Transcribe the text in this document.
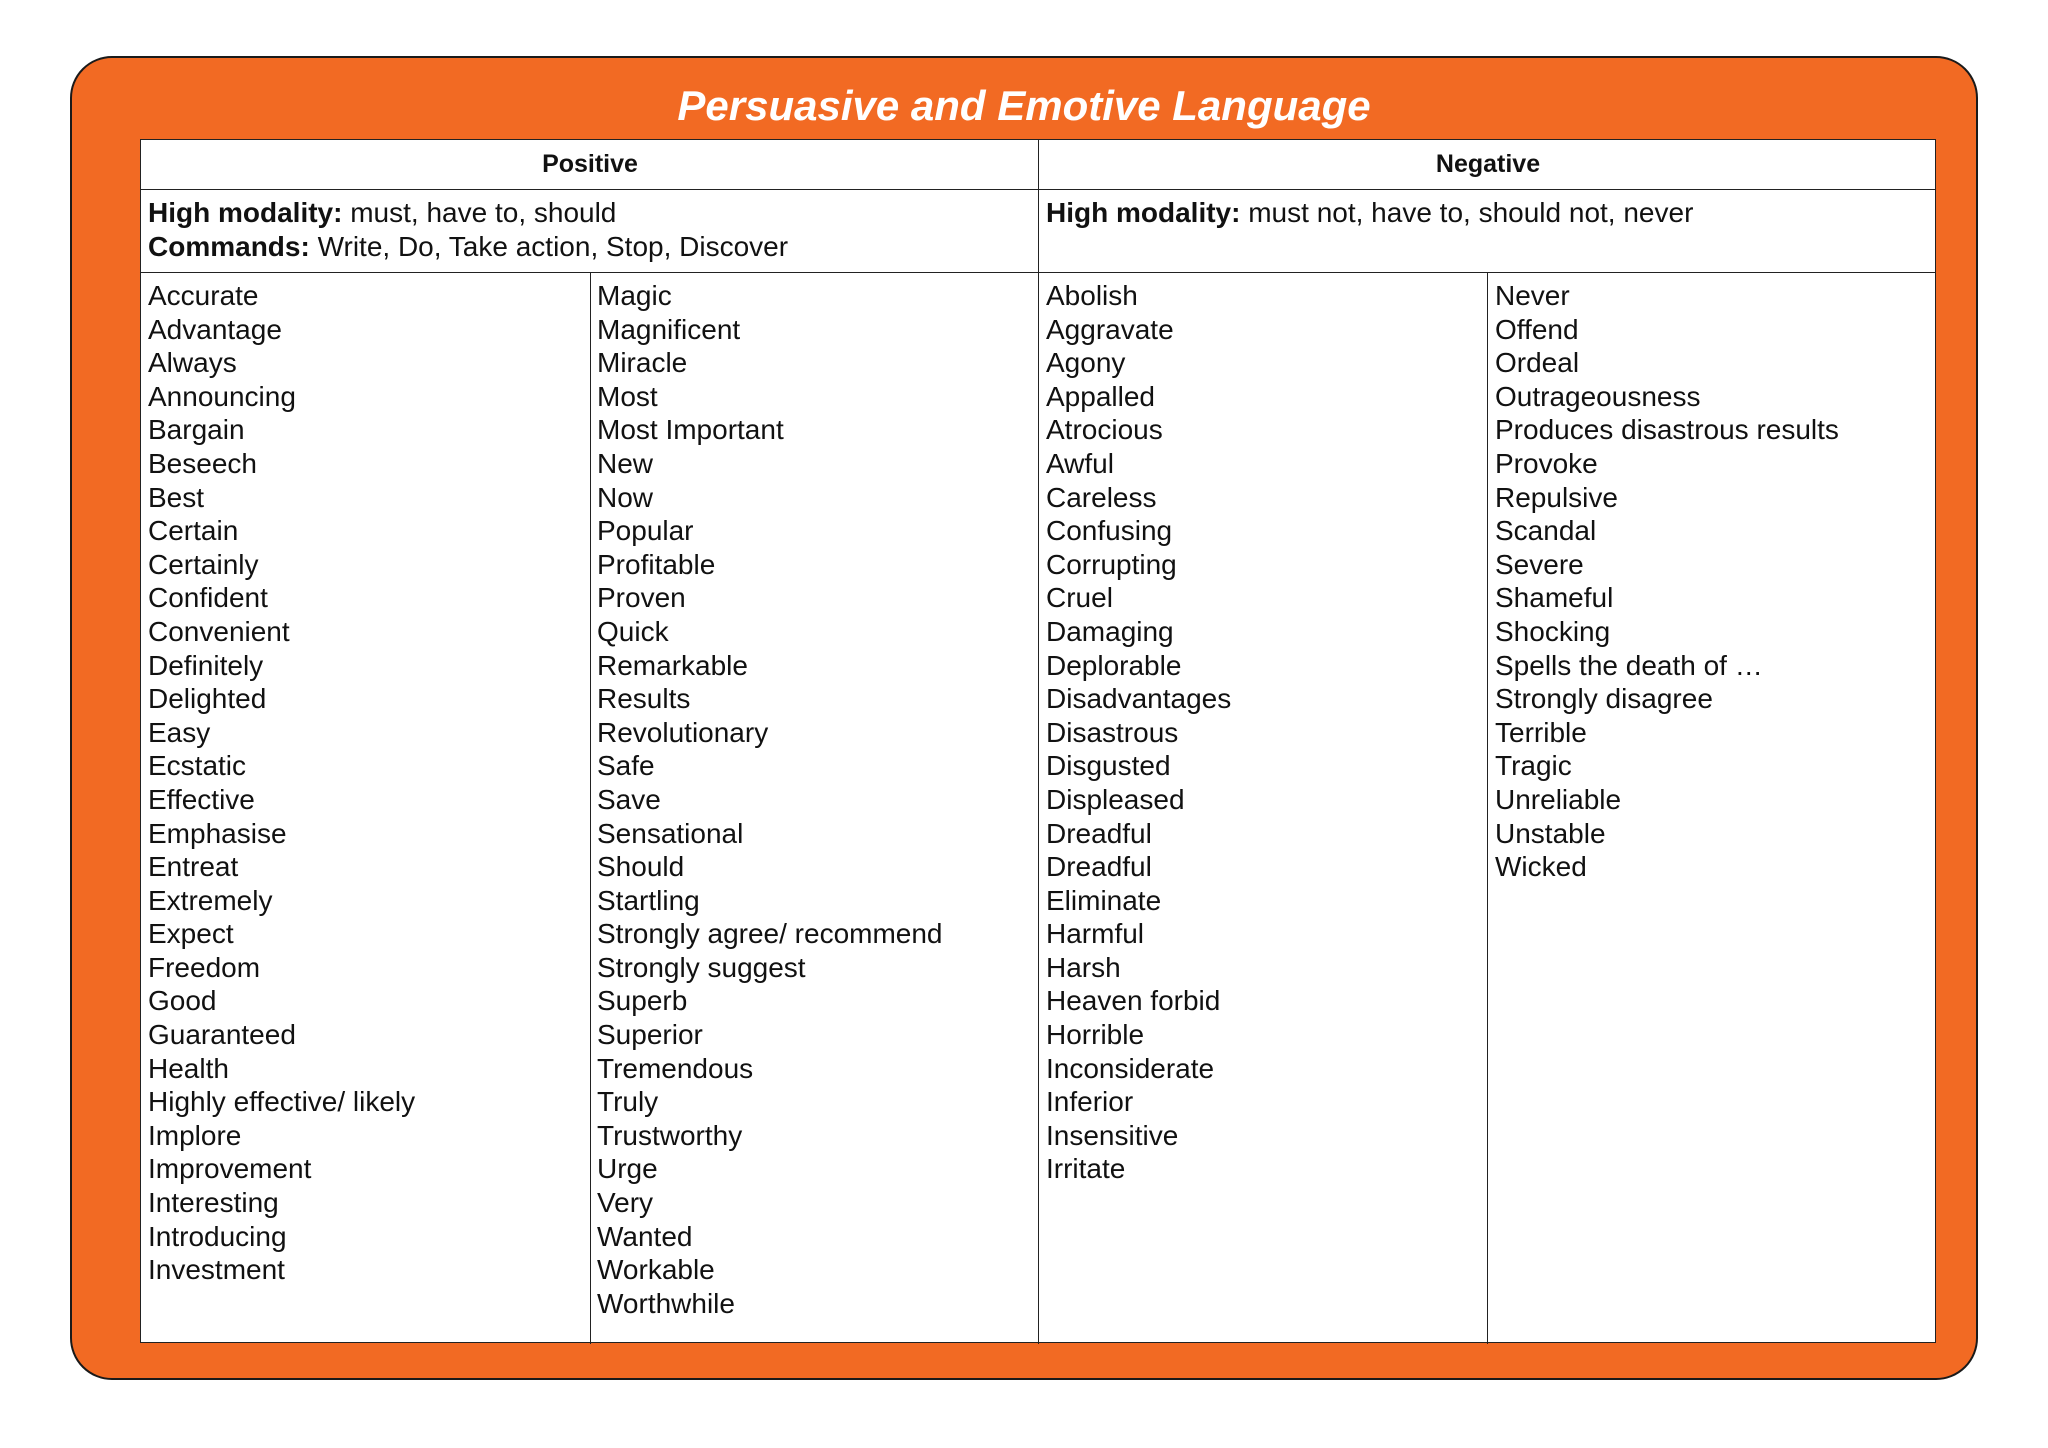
Persuasive and Emotive Language
Positive	Negative
High modality: must, have to, should
Commands: Write, Do, Take action, Stop, Discover
High modality: must not, have to, should not, never
Accurate
Advantage
Always
Announcing
Bargain
Beseech
Best
Certain
Certainly
Confident
Convenient
Definitely
Delighted
Easy
Ecstatic
Effective
Emphasise
Entreat
Extremely
Expect
Freedom
Good
Guaranteed
Health
Highly effective/ likely
Implore
Improvement
Interesting
Introducing
Investment
Magic
Magnificent
Miracle
Most
Most Important
New
Now
Popular
Profitable
Proven
Quick
Remarkable
Results
Revolutionary
Safe
Save
Sensational
Should
Startling
Strongly agree/ recommend
Strongly suggest
Superb
Superior
Tremendous
Truly
Trustworthy
Urge
Very
Wanted
Workable
Worthwhile
Abolish
Aggravate
Agony
Appalled
Atrocious
Awful
Careless
Confusing
Corrupting
Cruel
Damaging
Deplorable
Disadvantages
Disastrous
Disgusted
Displeased
Dreadful
Dreadful
Eliminate
Harmful
Harsh
Heaven forbid
Horrible
Inconsiderate
Inferior
Insensitive
Irritate
Never
Offend
Ordeal
Outrageousness
Produces disastrous results
Provoke
Repulsive
Scandal
Severe
Shameful
Shocking
Spells the death of …
Strongly disagree
Terrible
Tragic
Unreliable
Unstable
Wicked
